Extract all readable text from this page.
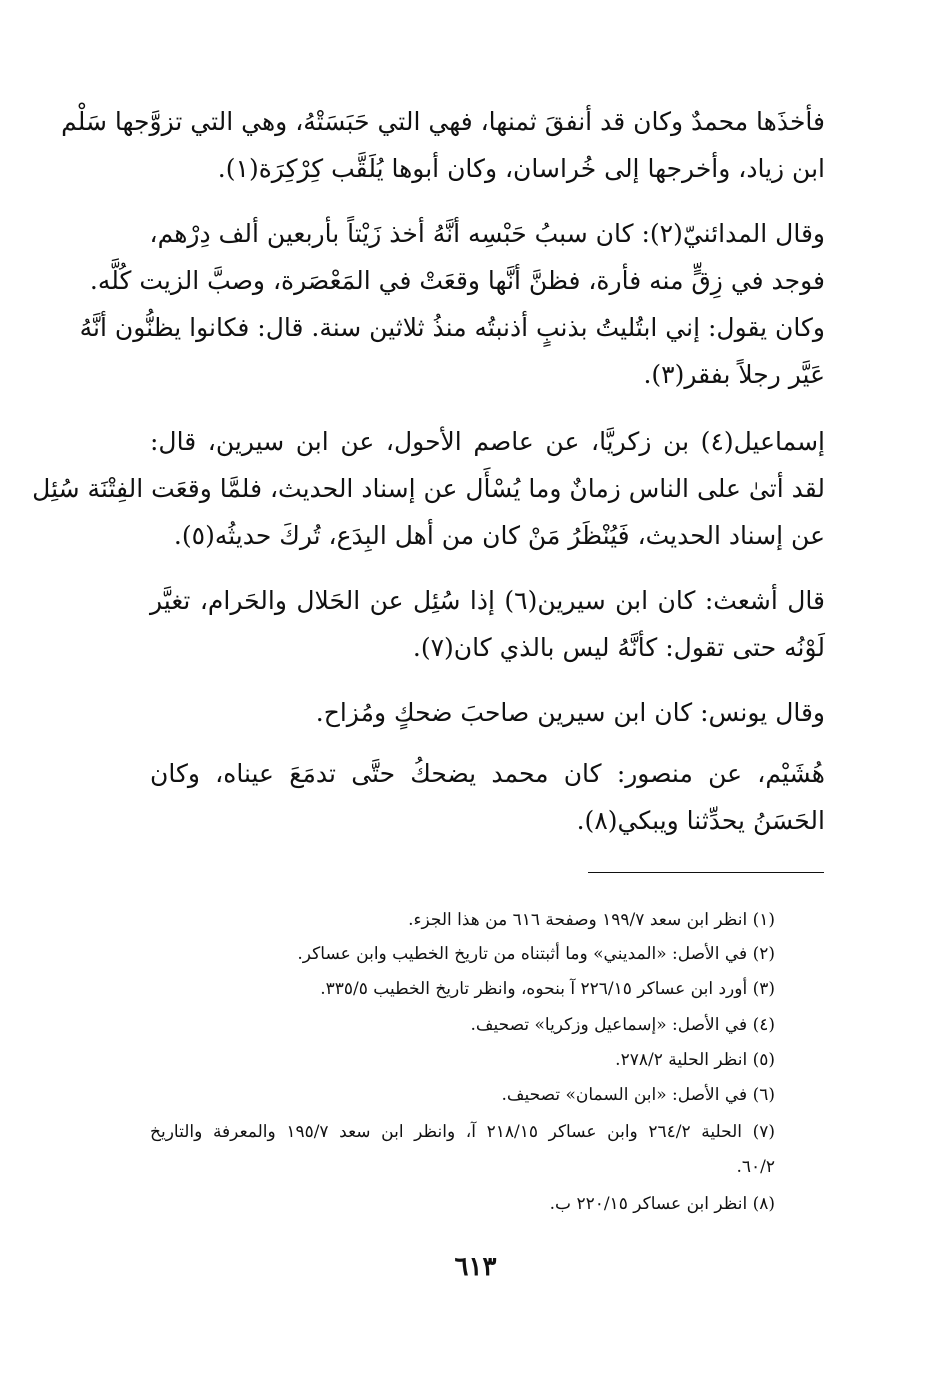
فأخذَها محمدٌ وكان قد أنفقَ ثمنها، فهي التي حَبَسَتْهُ، وهي التي تزوَّجها سَلْم
ابن زياد، وأخرجها إلى خُراسان، وكان أبوها يُلَقَّب كِرْكِرَة(١).
وقال المدائنيّ(٢): كان سببُ حَبْسِه أنَّهُ أخذ زَيْتاً بأربعين ألف دِرْهم،
فوجد في زِقٍّ منه فأرة، فظنَّ أنَّها وقعَتْ في المَعْصَرة، وصبَّ الزيت كُلَّه.
وكان يقول: إني ابتُليتُ بذنبٍ أذنبتُه منذُ ثلاثين سنة. قال: فكانوا يظنُّون أنَّهُ
عَيَّر رجلاً بفقر(٣).
إسماعيل(٤) بن زكريَّا، عن عاصم الأحول، عن ابن سيرين، قال:
لقد أتىٰ على الناس زمانٌ وما يُسْأَل عن إسناد الحديث، فلمَّا وقعَت الفِتْنَة سُئِل
عن إسناد الحديث، فَيُنْظَرُ مَنْ كان من أهل البِدَع، تُركَ حديثُه(٥).
قال أشعث: كان ابن سيرين(٦) إذا سُئِل عن الحَلال والحَرام، تغيَّر
لَوْنُه حتى تقول: كأنَّهُ ليس بالذي كان(٧).
وقال يونس: كان ابن سيرين صاحبَ ضحكٍ ومُزاح.
هُشَيْم، عن منصور: كان محمد يضحكُ حتَّى تدمَعَ عيناه، وكان
الحَسَنُ يحدِّثنا ويبكي(٨).
(١) انظر ابن سعد ١٩٩/٧ وصفحة ٦١٦ من هذا الجزء.
(٢) في الأصل: «المديني» وما أثبتناه من تاريخ الخطيب وابن عساكر.
(٣) أورد ابن عساكر ٢٢٦/١٥ آ بنحوه، وانظر تاريخ الخطيب ٣٣٥/٥.
(٤) في الأصل: «إسماعيل وزكريا» تصحيف.
(٥) انظر الحلية ٢٧٨/٢.
(٦) في الأصل: «ابن السمان» تصحيف.
(٧) الحلية ٢٦٤/٢ وابن عساكر ٢١٨/١٥ آ، وانظر ابن سعد ١٩٥/٧ والمعرفة والتاريخ
٦٠/٢.
(٨) انظر ابن عساكر ٢٢٠/١٥ ب.
٦١٣
